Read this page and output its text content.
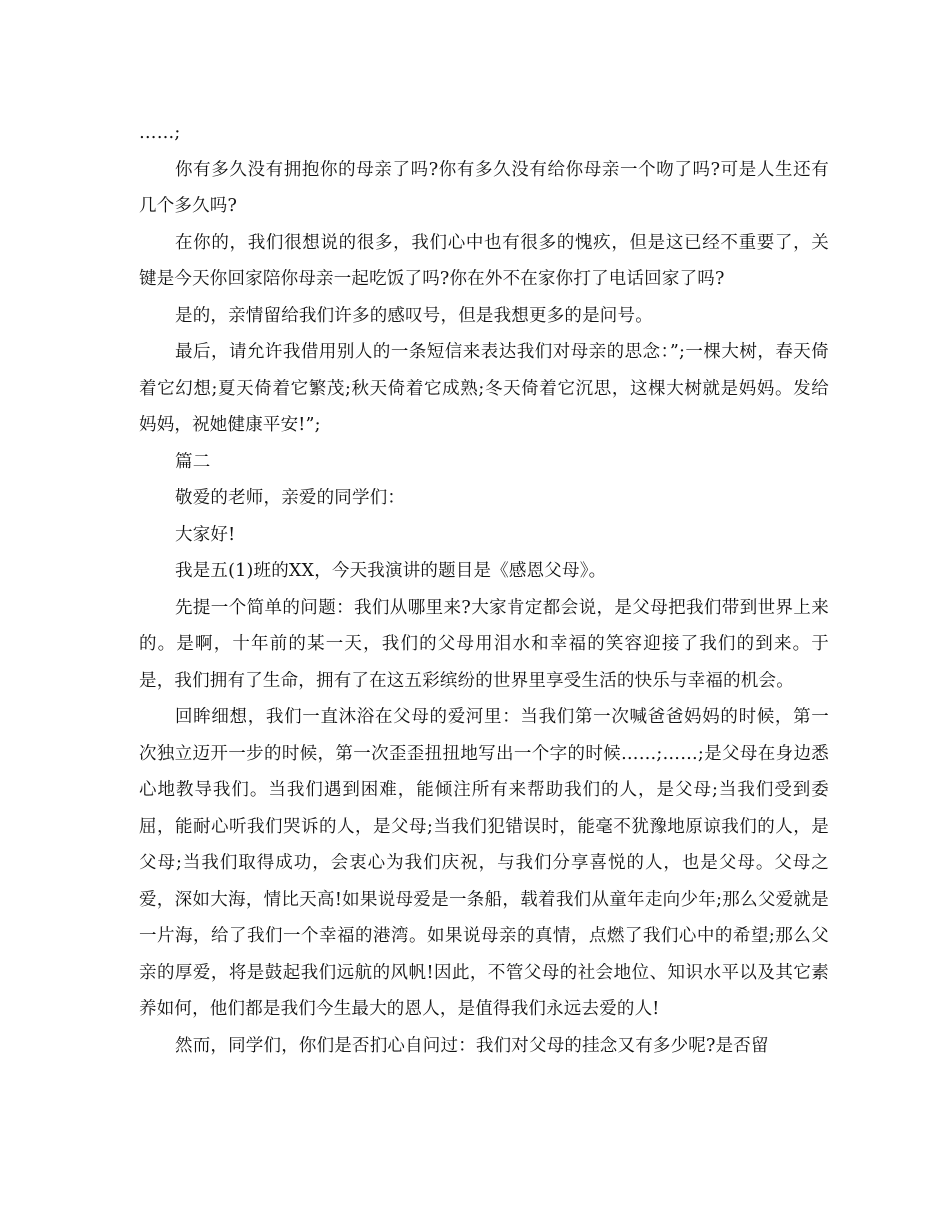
……;

你有多久没有拥抱你的母亲了吗?你有多久没有给你母亲一个吻了吗?可是人生还有几个多久吗?

在你的，我们很想说的很多，我们心中也有很多的愧疚，但是这已经不重要了，关键是今天你回家陪你母亲一起吃饭了吗?你在外不在家你打了电话回家了吗?

是的，亲情留给我们许多的感叹号，但是我想更多的是问号。

最后，请允许我借用别人的一条短信来表达我们对母亲的思念：”;一棵大树，春天倚着它幻想;夏天倚着它繁茂;秋天倚着它成熟;冬天倚着它沉思，这棵大树就是妈妈。发给妈妈，祝她健康平安!”;

篇二

敬爱的老师，亲爱的同学们：

大家好!

我是五(1)班的XX，今天我演讲的题目是《感恩父母》。

先提一个简单的问题：我们从哪里来?大家肯定都会说，是父母把我们带到世界上来的。是啊，十年前的某一天，我们的父母用泪水和幸福的笑容迎接了我们的到来。于是，我们拥有了生命，拥有了在这五彩缤纷的世界里享受生活的快乐与幸福的机会。

回眸细想，我们一直沐浴在父母的爱河里：当我们第一次喊爸爸妈妈的时候，第一次独立迈开一步的时候，第一次歪歪扭扭地写出一个字的时候……;……;是父母在身边悉心地教导我们。当我们遇到困难，能倾注所有来帮助我们的人，是父母;当我们受到委屈，能耐心听我们哭诉的人，是父母;当我们犯错误时，能毫不犹豫地原谅我们的人，是父母;当我们取得成功，会衷心为我们庆祝，与我们分享喜悦的人，也是父母。父母之爱，深如大海，情比天高!如果说母爱是一条船，载着我们从童年走向少年;那么父爱就是一片海，给了我们一个幸福的港湾。如果说母亲的真情，点燃了我们心中的希望;那么父亲的厚爱，将是鼓起我们远航的风帆!因此，不管父母的社会地位、知识水平以及其它素养如何，他们都是我们今生最大的恩人，是值得我们永远去爱的人!

然而，同学们，你们是否扪心自问过：我们对父母的挂念又有多少呢?是否留
